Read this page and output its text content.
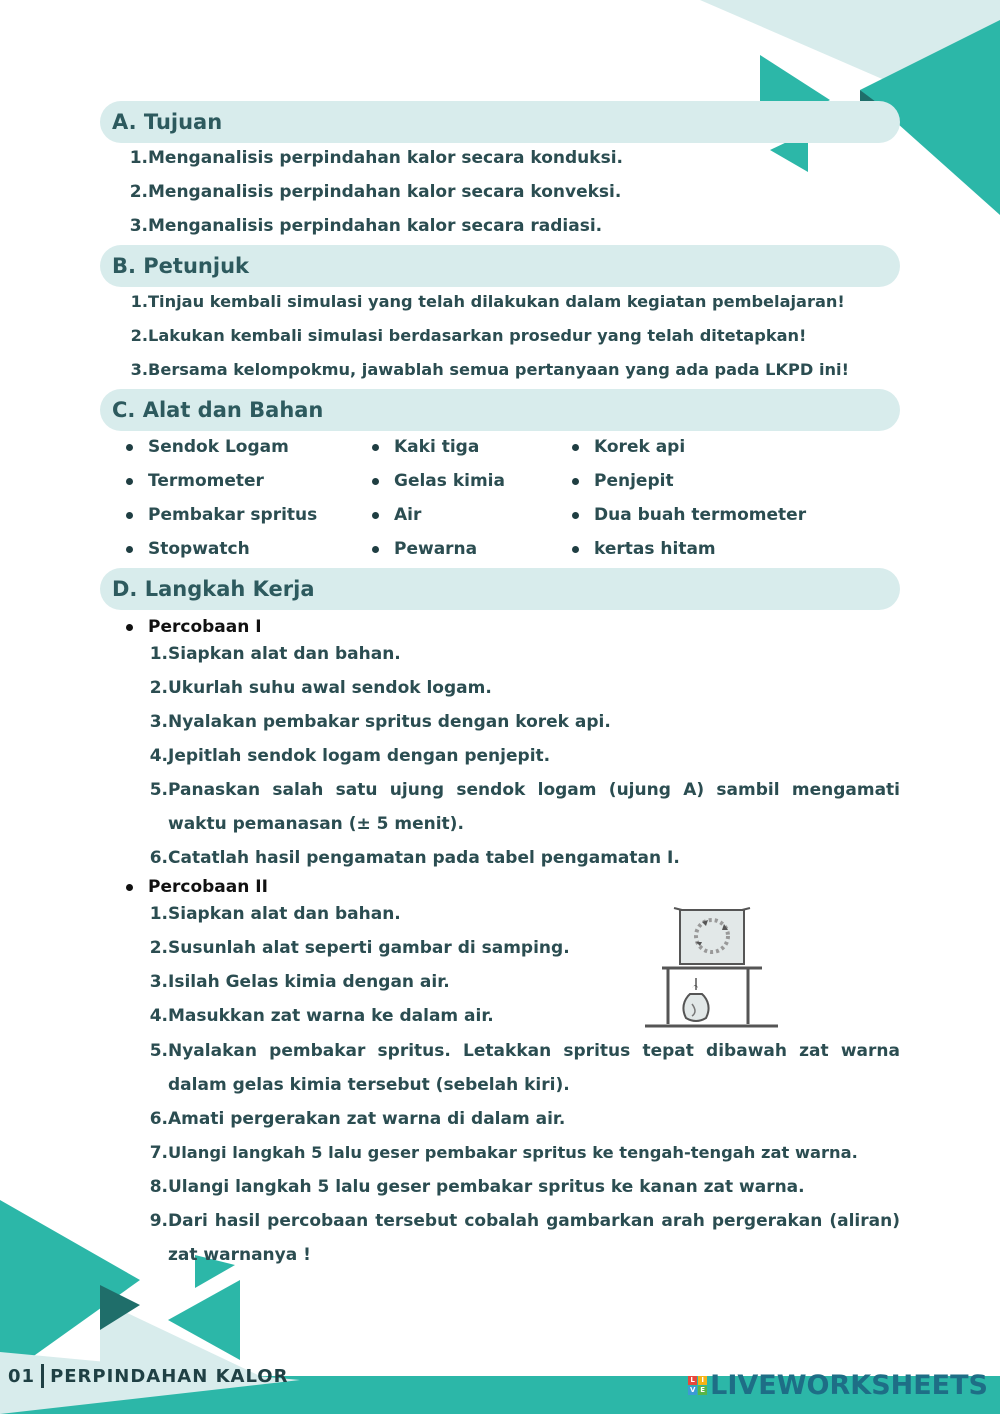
A. Tujuan
1. Menganalisis perpindahan kalor secara konduksi.
2. Menganalisis perpindahan kalor secara konveksi.
3. Menganalisis perpindahan kalor secara radiasi.
B. Petunjuk
1. Tinjau kembali simulasi yang telah dilakukan dalam kegiatan pembelajaran!
2. Lakukan kembali simulasi berdasarkan prosedur yang telah ditetapkan!
3. Bersama kelompokmu, jawablah semua pertanyaan yang ada pada LKPD ini!
C. Alat dan Bahan
Sendok Logam
Termometer
Pembakar spritus
Stopwatch
Kaki tiga
Gelas kimia
Air
Pewarna
Korek api
Penjepit
Dua buah termometer
kertas hitam
D. Langkah Kerja
Percobaan I
1. Siapkan alat dan bahan.
2. Ukurlah suhu awal sendok logam.
3. Nyalakan pembakar spritus dengan korek api.
4. Jepitlah sendok logam dengan penjepit.
5. Panaskan salah satu ujung sendok logam (ujung A) sambil mengamati waktu pemanasan (± 5 menit).
6. Catatlah hasil pengamatan pada tabel pengamatan I.
Percobaan II
1. Siapkan alat dan bahan.
2. Susunlah alat seperti gambar di samping.
3. Isilah Gelas kimia dengan air.
4. Masukkan zat warna ke dalam air.
5. Nyalakan pembakar spritus. Letakkan spritus tepat dibawah zat warna dalam gelas kimia tersebut (sebelah kiri).
6. Amati pergerakan zat warna di dalam air.
7. Ulangi langkah 5 lalu geser pembakar spritus ke tengah-tengah zat warna.
8. Ulangi langkah 5 lalu geser pembakar spritus ke kanan zat warna.
9. Dari hasil percobaan tersebut cobalah gambarkan arah pergerakan (aliran) zat warnanya !
01 PERPINDAHAN KALOR	L I
V E LIVEWORKSHEETS
